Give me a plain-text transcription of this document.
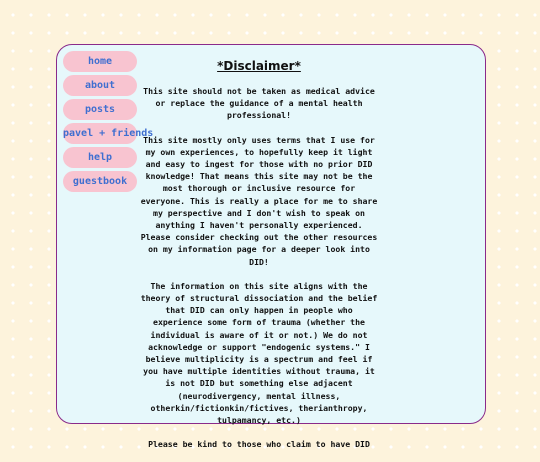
home
about
posts
pavel + friends
help
guestbook
*Disclaimer*

This site should not be taken as medical advice or replace the guidance of a mental health professional!

This site mostly only uses terms that I use for my own experiences, to hopefully keep it light and easy to ingest for those with no prior DID knowledge! That means this site may not be the most thorough or inclusive resource for everyone. This is really a place for me to share my perspective and I don't wish to speak on anything I haven't personally experienced. Please consider checking out the other resources on my information page for a deeper look into DID!

The information on this site aligns with the theory of structural dissociation and the belief that DID can only happen in people who experience some form of trauma (whether the individual is aware of it or not.) We do not acknowledge or support "endogenic systems." I believe multiplicity is a spectrum and feel if you have multiple identities without trauma, it is not DID but something else adjacent (neurodivergency, mental illness, otherkin/fictionkin/fictives, therianthropy, tulpamancy, etc.)

Please be kind to those who claim to have DID
